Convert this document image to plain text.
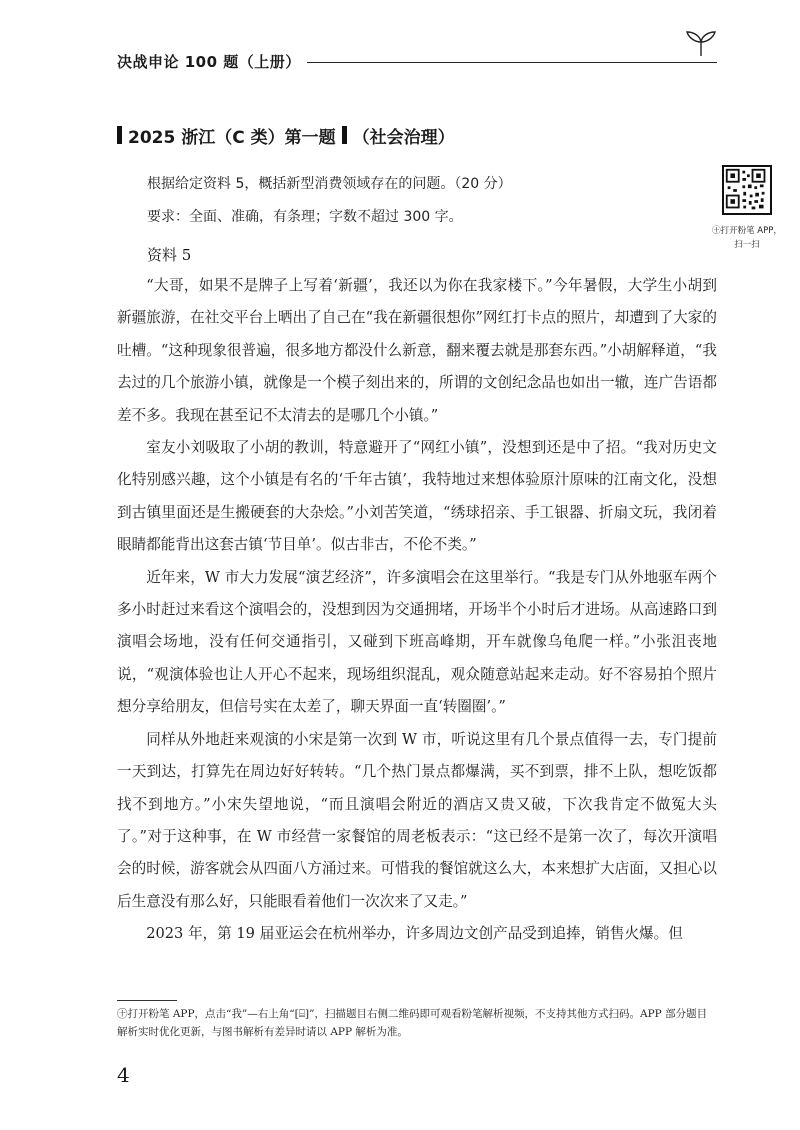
决战申论 100 题（上册）
2025 浙江（C 类）第一题 （社会治理）
根据给定资料 5，概括新型消费领域存在的问题。（20 分）
要求：全面、准确，有条理；字数不超过 300 字。
㊉打开粉笔 APP，
扫一扫
资料 5

“大哥，如果不是牌子上写着‘新疆’，我还以为你在我家楼下。”今年暑假，大学生小胡到新疆旅游，在社交平台上晒出了自己在“我在新疆很想你”网红打卡点的照片，却遭到了大家的吐槽。“这种现象很普遍，很多地方都没什么新意，翻来覆去就是那套东西。”小胡解释道，“我去过的几个旅游小镇，就像是一个模子刻出来的，所谓的文创纪念品也如出一辙，连广告语都差不多。我现在甚至记不太清去的是哪几个小镇。”

室友小刘吸取了小胡的教训，特意避开了“网红小镇”，没想到还是中了招。“我对历史文化特别感兴趣，这个小镇是有名的‘千年古镇’，我特地过来想体验原汁原味的江南文化，没想到古镇里面还是生搬硬套的大杂烩。”小刘苦笑道，“绣球招亲、手工银器、折扇文玩，我闭着眼睛都能背出这套古镇‘节目单’。似古非古，不伦不类。”

近年来，W 市大力发展“演艺经济”，许多演唱会在这里举行。“我是专门从外地驱车两个多小时赶过来看这个演唱会的，没想到因为交通拥堵，开场半个小时后才进场。从高速路口到演唱会场地，没有任何交通指引，又碰到下班高峰期，开车就像乌龟爬一样。”小张沮丧地说，“观演体验也让人开心不起来，现场组织混乱，观众随意站起来走动。好不容易拍个照片想分享给朋友，但信号实在太差了，聊天界面一直‘转圈圈’。”

同样从外地赶来观演的小宋是第一次到 W 市，听说这里有几个景点值得一去，专门提前一天到达，打算先在周边好好转转。“几个热门景点都爆满，买不到票，排不上队，想吃饭都找不到地方。”小宋失望地说，“而且演唱会附近的酒店又贵又破，下次我肯定不做冤大头了。”对于这种事，在 W 市经营一家餐馆的周老板表示：“这已经不是第一次了，每次开演唱会的时候，游客就会从四面八方涌过来。可惜我的餐馆就这么大，本来想扩大店面，又担心以后生意没有那么好，只能眼看着他们一次次来了又走。”

2023 年，第 19 届亚运会在杭州举办，许多周边文创产品受到追捧，销售火爆。但

㊉打开粉笔 APP，点击“我”—右上角“[⌸]”，扫描题目右侧二维码即可观看粉笔解析视频，不支持其他方式扫码。APP 部分题目解析实时优化更新，与图书解析有差异时请以 APP 解析为准。
4
